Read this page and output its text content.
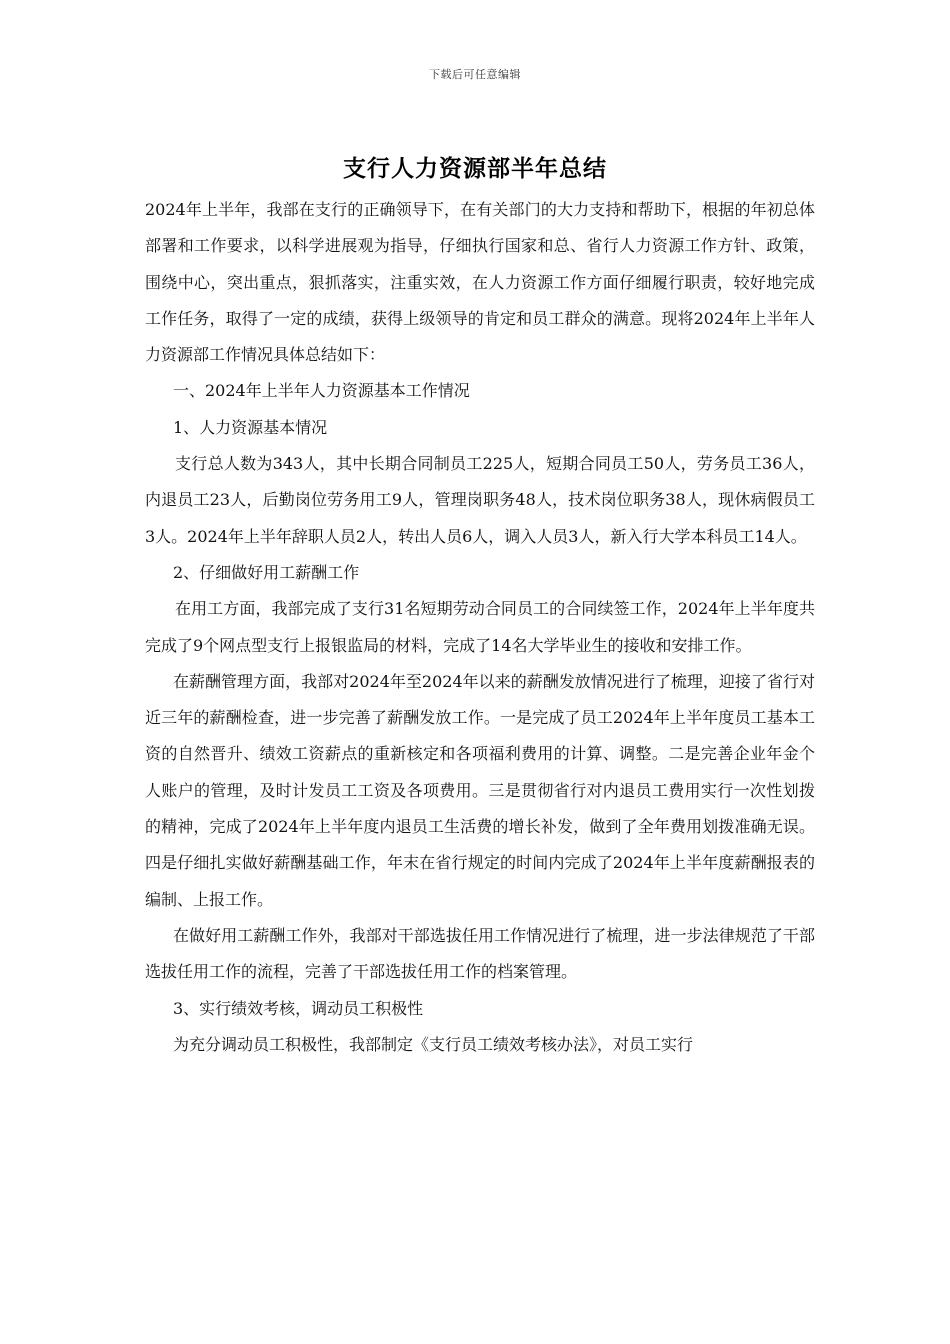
下载后可任意编辑
支行人力资源部半年总结

2024年上半年，我部在支行的正确领导下，在有关部门的大力支持和帮助下，根据的年初总体部署和工作要求，以科学进展观为指导，仔细执行国家和总、省行人力资源工作方针、政策，围绕中心，突出重点，狠抓落实，注重实效，在人力资源工作方面仔细履行职责，较好地完成工作任务，取得了一定的成绩，获得上级领导的肯定和员工群众的满意。现将2024年上半年人力资源部工作情况具体总结如下：

一、2024年上半年人力资源基本工作情况

1、人力资源基本情况

支行总人数为343人，其中长期合同制员工225人，短期合同员工50人，劳务员工36人，内退员工23人，后勤岗位劳务用工9人，管理岗职务48人，技术岗位职务38人，现休病假员工3人。2024年上半年辞职人员2人，转出人员6人，调入人员3人，新入行大学本科员工14人。

2、仔细做好用工薪酬工作

在用工方面，我部完成了支行31名短期劳动合同员工的合同续签工作，2024年上半年度共完成了9个网点型支行上报银监局的材料，完成了14名大学毕业生的接收和安排工作。

在薪酬管理方面，我部对2024年至2024年以来的薪酬发放情况进行了梳理，迎接了省行对近三年的薪酬检查，进一步完善了薪酬发放工作。一是完成了员工2024年上半年度员工基本工资的自然晋升、绩效工资薪点的重新核定和各项福利费用的计算、调整。二是完善企业年金个人账户的管理，及时计发员工工资及各项费用。三是贯彻省行对内退员工费用实行一次性划拨的精神，完成了2024年上半年度内退员工生活费的增长补发，做到了全年费用划拨准确无误。四是仔细扎实做好薪酬基础工作，年末在省行规定的时间内完成了2024年上半年度薪酬报表的编制、上报工作。

在做好用工薪酬工作外，我部对干部选拔任用工作情况进行了梳理，进一步法律规范了干部选拔任用工作的流程，完善了干部选拔任用工作的档案管理。

3、实行绩效考核，调动员工积极性

为充分调动员工积极性，我部制定《支行员工绩效考核办法》，对员工实行
